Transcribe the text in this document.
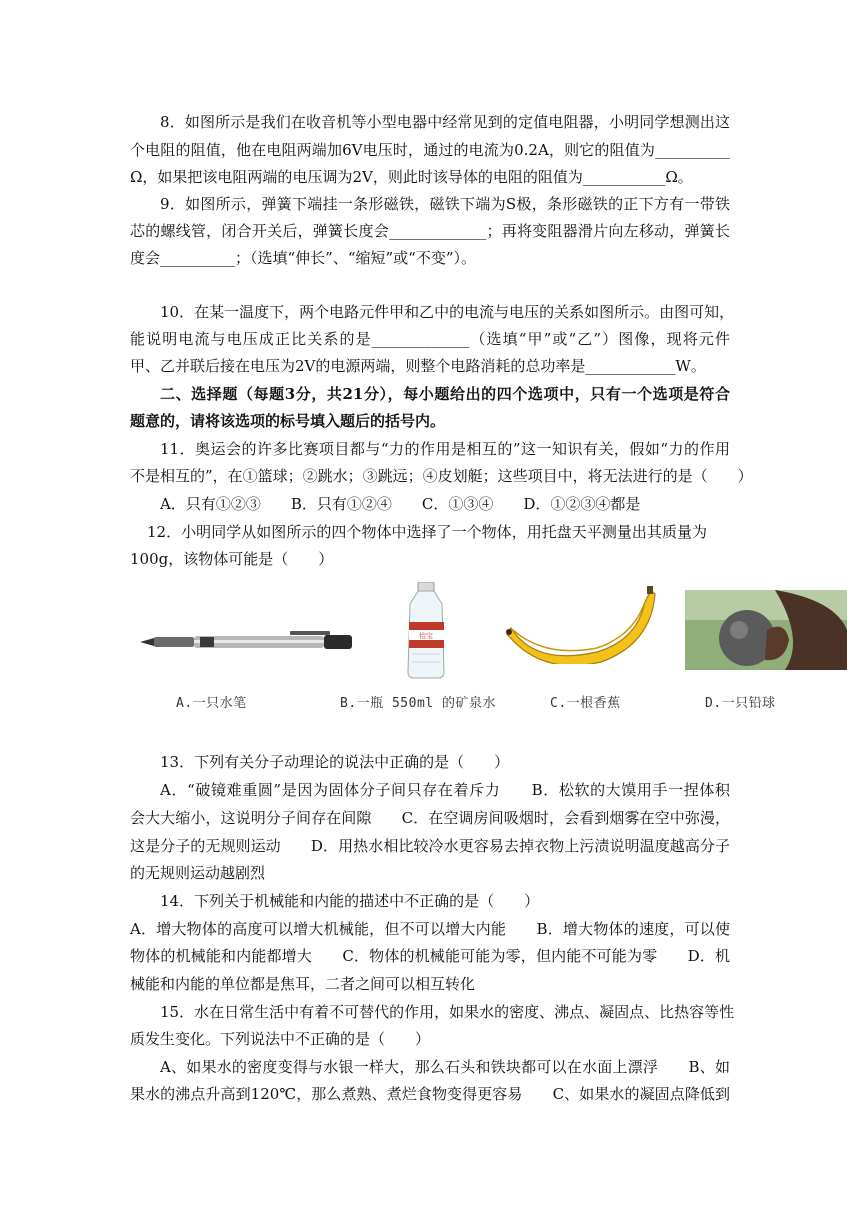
8．如图所示是我们在收音机等小型电器中经常见到的定值电阻器，小明同学想测出这
个电阻的阻值，他在电阻两端加6V电压时，通过的电流为0.2A，则它的阻值为__________
Ω，如果把该电阻两端的电压调为2V，则此时该导体的电阻的阻值为___________Ω。
9．如图所示，弹簧下端挂一条形磁铁，磁铁下端为S极，条形磁铁的正下方有一带铁
芯的螺线管，闭合开关后，弹簧长度会_____________；再将变阻器滑片向左移动，弹簧长
度会__________；（选填“伸长”、“缩短”或“不变”）。
10．在某一温度下，两个电路元件甲和乙中的电流与电压的关系如图所示。由图可知，
能说明电流与电压成正比关系的是_____________（选填“甲”或“乙”）图像，现将元件
甲、乙并联后接在电压为2V的电源两端，则整个电路消耗的总功率是____________W。
二、选择题（每题3分，共21分），每小题给出的四个选项中，只有一个选项是符合
题意的，请将该选项的标号填入题后的括号内。
11．奥运会的许多比赛项目都与“力的作用是相互的”这一知识有关，假如“力的作用
不是相互的”，在①篮球；②跳水；③跳远；④皮划艇；这些项目中，将无法进行的是（　　）
A．只有①②③　　B．只有①②④　　C．①③④　　D．①②③④都是
12．小明同学从如图所示的四个物体中选择了一个物体，用托盘天平测量出其质量为
100g，该物体可能是（　　）
怡宝
A.一只水笔	B.一瓶 550ml 的矿泉水	C.一根香蕉	D.一只铅球
13．下列有关分子动理论的说法中正确的是（　　）
A．“破镜难重圆”是因为固体分子间只存在着斥力　　B．松软的大馍用手一捏体积
会大大缩小，这说明分子间存在间隙　　C．在空调房间吸烟时，会看到烟雾在空中弥漫，
这是分子的无规则运动　　D．用热水相比较冷水更容易去掉衣物上污渍说明温度越高分子
的无规则运动越剧烈
14．下列关于机械能和内能的描述中不正确的是（　　）
A．增大物体的高度可以增大机械能，但不可以增大内能　　B．增大物体的速度，可以使
物体的机械能和内能都增大　　C．物体的机械能可能为零，但内能不可能为零　　D．机
械能和内能的单位都是焦耳，二者之间可以相互转化
15．水在日常生活中有着不可替代的作用，如果水的密度、沸点、凝固点、比热容等性
质发生变化。下列说法中不正确的是（　　）
A、如果水的密度变得与水银一样大，那么石头和铁块都可以在水面上漂浮　　B、如
果水的沸点升高到120℃，那么煮熟、煮烂食物变得更容易　　C、如果水的凝固点降低到
